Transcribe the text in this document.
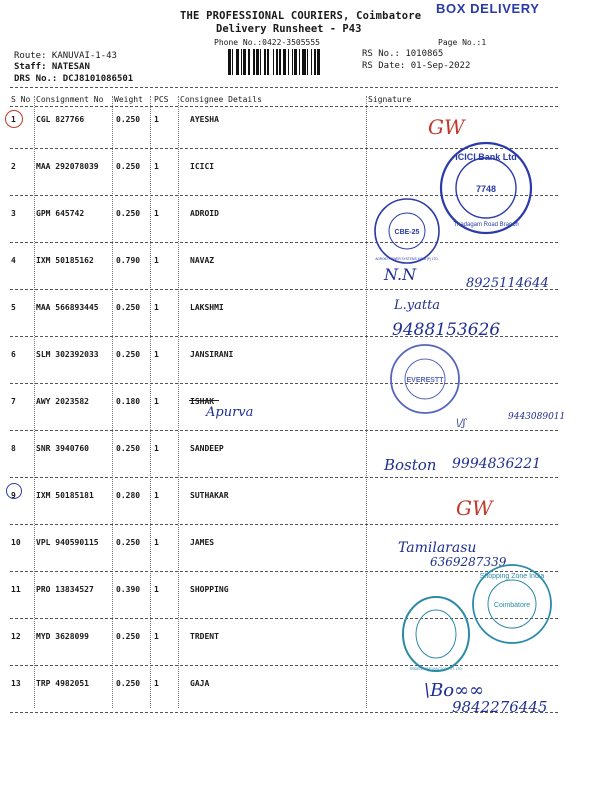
BOX DELIVERY
THE PROFESSIONAL COURIERS, Coimbatore
Delivery Runsheet - P43
Phone No.:0422-3505555	Page No.:1
Route: KANUVAI-1-43
Staff: NATESAN
DRS No.: DCJ8101086501
RS No.: 1010865
RS Date: 01-Sep-2022
S No Consignment No Weight PCS Consignee Details	Signature
1	CGL 827766	0.250 1	AYESHA
2	MAA 292078039 0.250 1	ICICI
3	GPM 645742	0.250 1	ADROID
4	IXM 50185162	0.790 1	NAVAZ
5	MAA 566893445 0.250 1	LAKSHMI
6	SLM 302392033 0.250 1	JANSIRANI
7	AWY 2023582	0.180 1	ISHAK
8	SNR 3940760	0.250 1	SANDEEP
9	IXM 50185181	0.280 1	SUTHAKAR
10 VPL 940590115 0.250 1	JAMES
11 PRO 13834527	0.390 1	SHOPPING
12 MYD 3628099	0.250 1	TRDENT
13 TRP 4982051	0.250 1	GAJA
GW
N.N	8925114644
L.yatta
9488153626
Apurva
\/ʃ
9443089011
Boston 9994836221
GW
Tamilarasu
6369287339
\Bo∞∞
9842276445
ICICI Bank Ltd
7748
Thadagam Road Branch
CBE-25
ADROID POWER SYSTEMS INDIA (P) LTD.
EVERESTT
TRIDENT PNEUMATICS PVT. LTD.
Shopping Zone India
Coimbatore
